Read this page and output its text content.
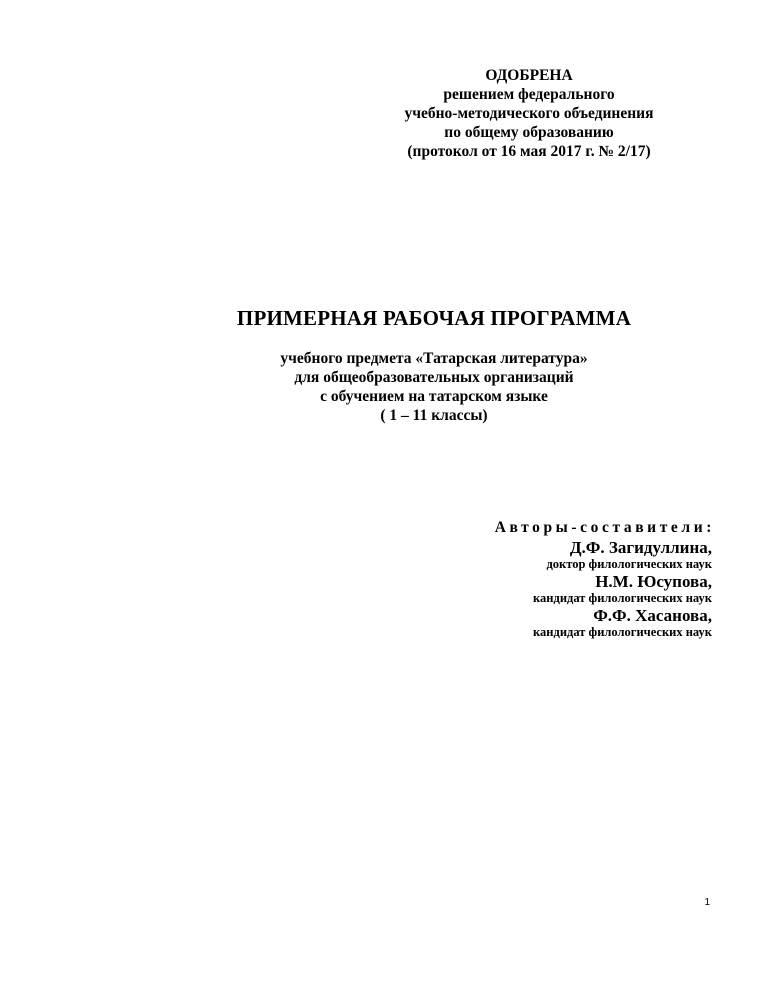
ОДОБРЕНА
решением федерального
учебно-методического объединения
по общему образованию
(протокол от 16 мая 2017 г. № 2/17)
ПРИМЕРНАЯ РАБОЧАЯ ПРОГРАММА
учебного предмета «Татарская литература»
для общеобразовательных организаций
с обучением на татарском языке
( 1 – 11 классы)
Авторы-составители:
Д.Ф. Загидуллина,
доктор филологических наук
Н.М. Юсупова,
кандидат филологических наук
Ф.Ф. Хасанова,
кандидат филологических наук
1
